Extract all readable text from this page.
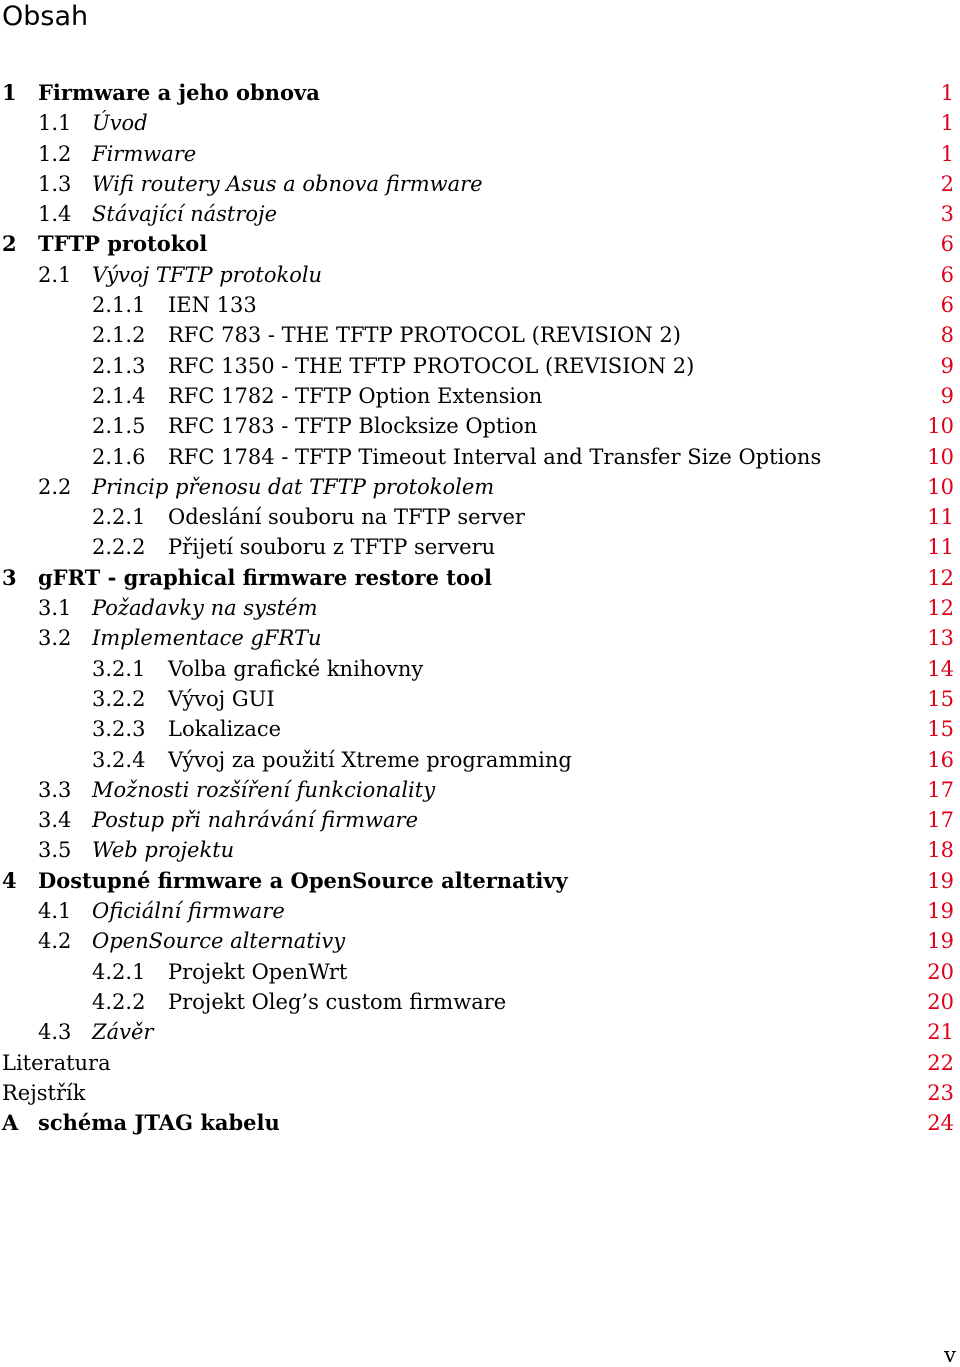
Obsah
1 Firmware a jeho obnova	1
1.1 Úvod	1
1.2 Firmware	1
1.3 Wifi routery Asus a obnova firmware	2
1.4 Stávající nástroje	3
2 TFTP protokol	6
2.1 Vývoj TFTP protokolu	6
2.1.1 IEN 133	6
2.1.2 RFC 783 - THE TFTP PROTOCOL (REVISION 2)	8
2.1.3 RFC 1350 - THE TFTP PROTOCOL (REVISION 2)	9
2.1.4 RFC 1782 - TFTP Option Extension	9
2.1.5 RFC 1783 - TFTP Blocksize Option	10
2.1.6 RFC 1784 - TFTP Timeout Interval and Transfer Size Options	10
2.2 Princip přenosu dat TFTP protokolem	10
2.2.1 Odeslání souboru na TFTP server	11
2.2.2 Přijetí souboru z TFTP serveru	11
3 gFRT - graphical firmware restore tool	12
3.1 Požadavky na systém	12
3.2 Implementace gFRTu	13
3.2.1 Volba grafické knihovny	14
3.2.2 Vývoj GUI	15
3.2.3 Lokalizace	15
3.2.4 Vývoj za použití Xtreme programming	16
3.3 Možnosti rozšíření funkcionality	17
3.4 Postup při nahrávání firmware	17
3.5 Web projektu	18
4 Dostupné firmware a OpenSource alternativy	19
4.1 Oficiální firmware	19
4.2 OpenSource alternativy	19
4.2.1 Projekt OpenWrt	20
4.2.2 Projekt Oleg’s custom firmware	20
4.3 Závěr	21
Literatura	22
Rejstřík	23
A schéma JTAG kabelu	24
v
